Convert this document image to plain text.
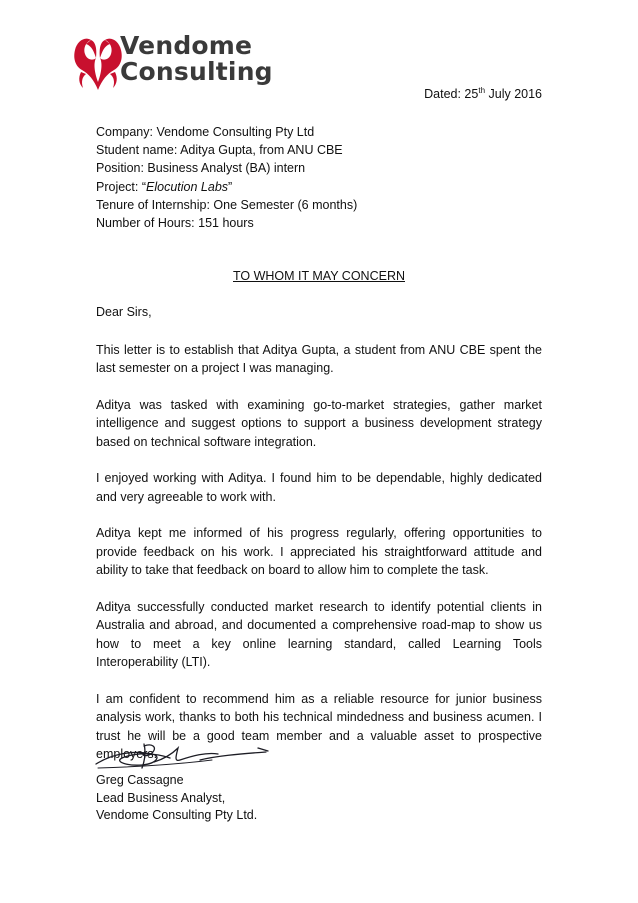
Vendome
Consulting
Dated: 25th July 2016
Company: Vendome Consulting Pty Ltd
Student name: Aditya Gupta, from ANU CBE
Position: Business Analyst (BA) intern
Project: “Elocution Labs”
Tenure of Internship: One Semester (6 months)
Number of Hours: 151 hours
TO WHOM IT MAY CONCERN

Dear Sirs,

This letter is to establish that Aditya Gupta, a student from ANU CBE spent the last semester on a project I was managing.

Aditya was tasked with examining go-to-market strategies, gather market intelligence and suggest options to support a business development strategy based on technical software integration.

I enjoyed working with Aditya. I found him to be dependable, highly dedicated and very agreeable to work with.

Aditya kept me informed of his progress regularly, offering opportunities to provide feedback on his work. I appreciated his straightforward attitude and ability to take that feedback on board to allow him to complete the task.

Aditya successfully conducted market research to identify potential clients in Australia and abroad, and documented a comprehensive road-map to show us how to meet a key online learning standard, called Learning Tools Interoperability (LTI).

I am confident to recommend him as a reliable resource for junior business analysis work, thanks to both his technical mindedness and business acumen. I trust he will be a good team member and a valuable asset to prospective employers.

Greg Cassagne
Lead Business Analyst,
Vendome Consulting Pty Ltd.
